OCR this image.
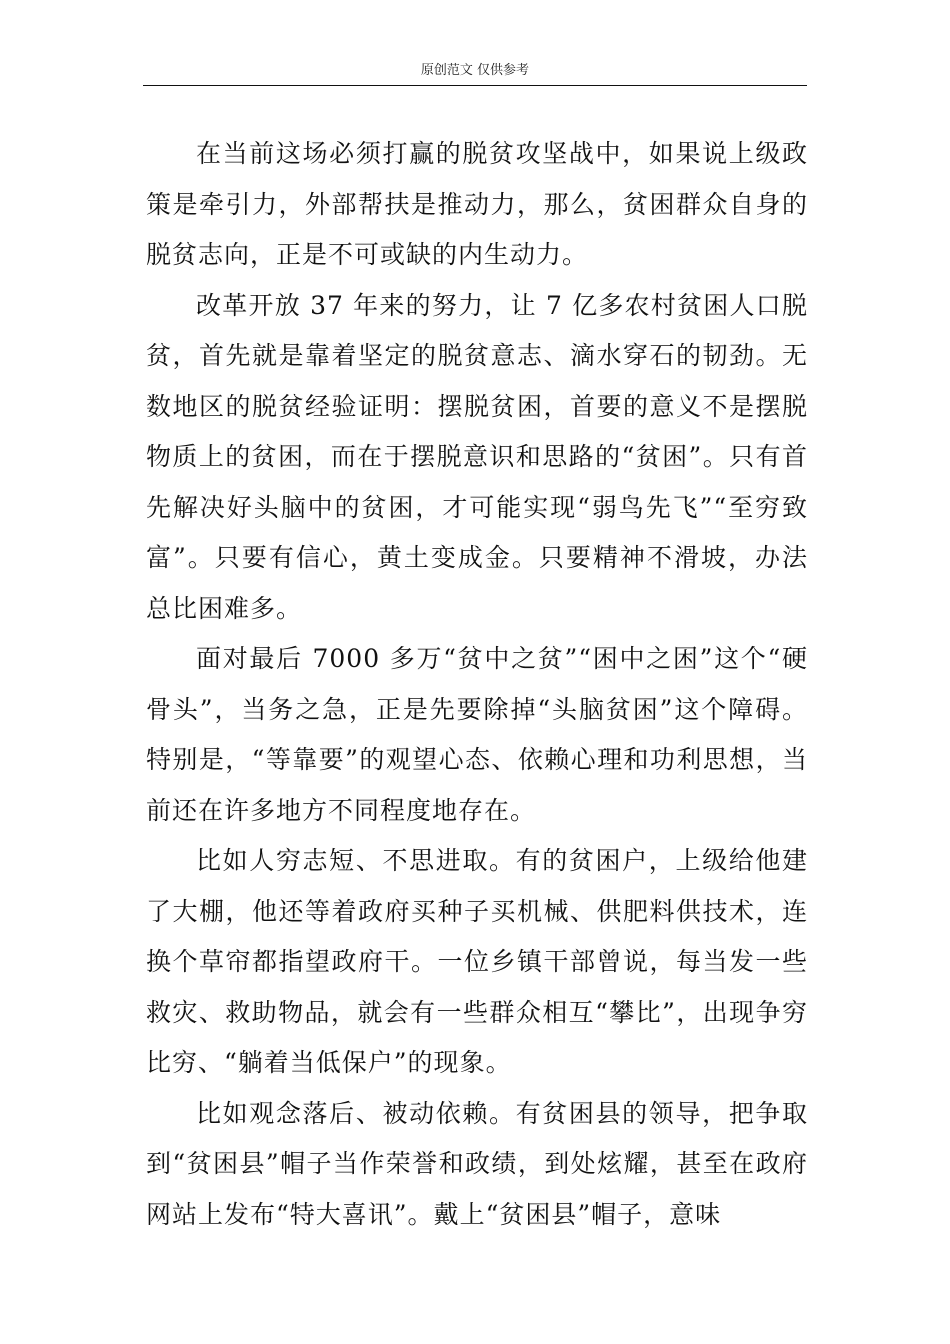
原创范文 仅供参考

在当前这场必须打赢的脱贫攻坚战中，如果说上级政策是牵引力，外部帮扶是推动力，那么，贫困群众自身的脱贫志向，正是不可或缺的内生动力。

改革开放 37 年来的努力，让 7 亿多农村贫困人口脱贫，首先就是靠着坚定的脱贫意志、滴水穿石的韧劲。无数地区的脱贫经验证明：摆脱贫困，首要的意义不是摆脱物质上的贫困，而在于摆脱意识和思路的“贫困”。只有首先解决好头脑中的贫困，才可能实现“弱鸟先飞”“至穷致富”。只要有信心，黄土变成金。只要精神不滑坡，办法总比困难多。

面对最后 7000 多万“贫中之贫”“困中之困”这个“硬骨头”，当务之急，正是先要除掉“头脑贫困”这个障碍。特别是，“等靠要”的观望心态、依赖心理和功利思想，当前还在许多地方不同程度地存在。

比如人穷志短、不思进取。有的贫困户，上级给他建了大棚，他还等着政府买种子买机械、供肥料供技术，连换个草帘都指望政府干。一位乡镇干部曾说，每当发一些救灾、救助物品，就会有一些群众相互“攀比”，出现争穷比穷、“躺着当低保户”的现象。

比如观念落后、被动依赖。有贫困县的领导，把争取到“贫困县”帽子当作荣誉和政绩，到处炫耀，甚至在政府网站上发布“特大喜讯”。戴上“贫困县”帽子，意味
